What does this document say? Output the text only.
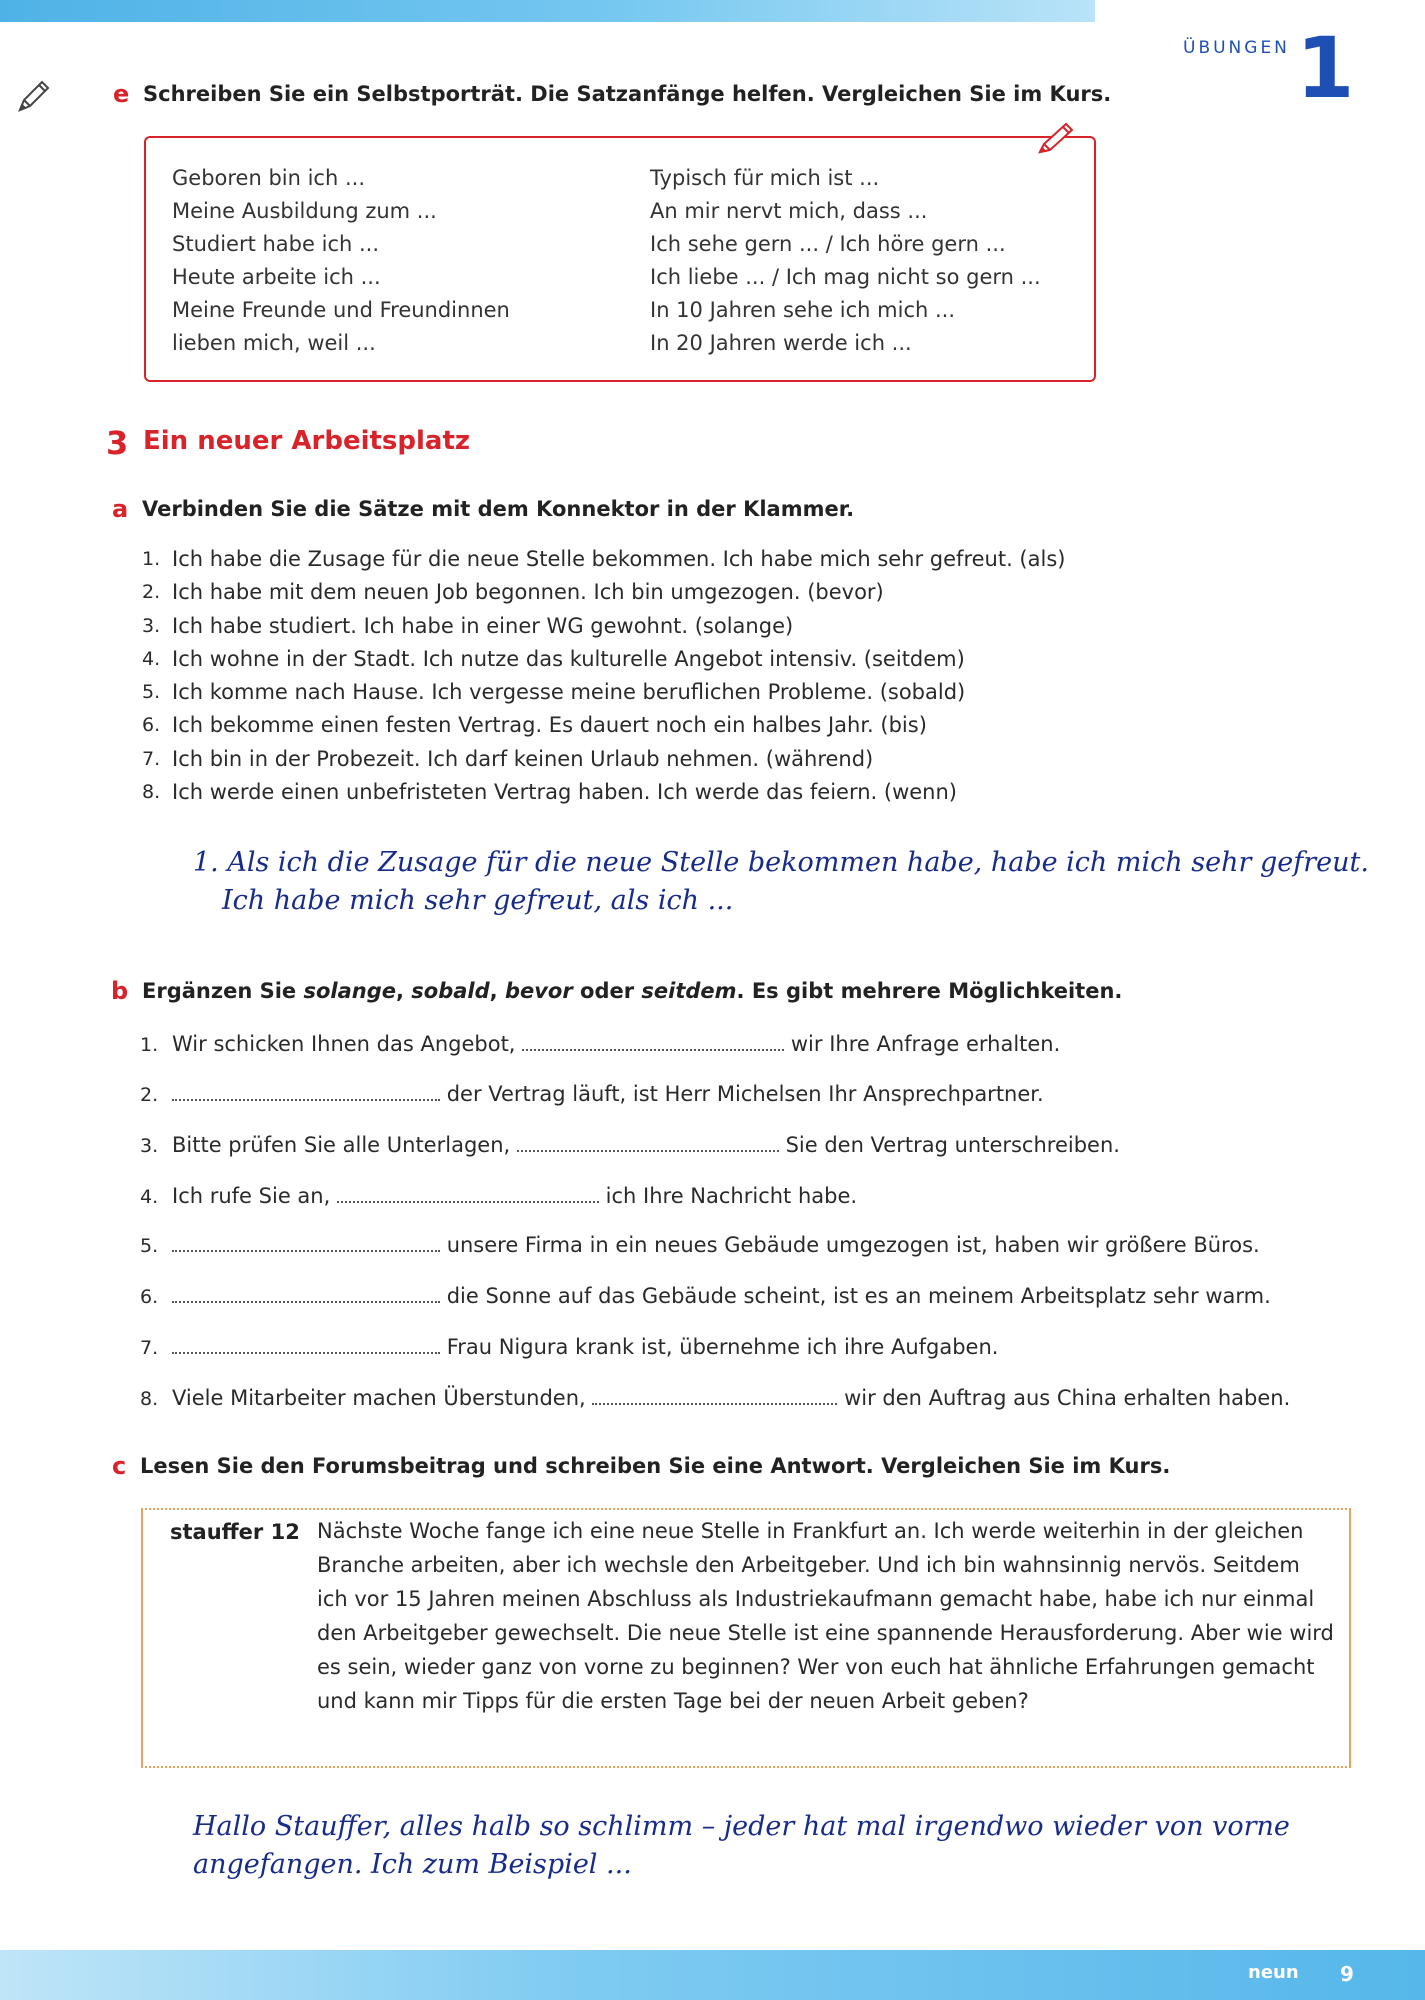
ÜBUNGEN 1
e Schreiben Sie ein Selbstporträt. Die Satzanfänge helfen. Vergleichen Sie im Kurs.
Geboren bin ich ...
Meine Ausbildung zum ...
Studiert habe ich ...
Heute arbeite ich ...
Meine Freunde und Freundinnen
lieben mich, weil ...
Typisch für mich ist ...
An mir nervt mich, dass ...
Ich sehe gern ... / Ich höre gern ...
Ich liebe ... / Ich mag nicht so gern ...
In 10 Jahren sehe ich mich ...
In 20 Jahren werde ich ...
3 Ein neuer Arbeitsplatz
a Verbinden Sie die Sätze mit dem Konnektor in der Klammer.
1. Ich habe die Zusage für die neue Stelle bekommen. Ich habe mich sehr gefreut. (als)
2. Ich habe mit dem neuen Job begonnen. Ich bin umgezogen. (bevor)
3. Ich habe studiert. Ich habe in einer WG gewohnt. (solange)
4. Ich wohne in der Stadt. Ich nutze das kulturelle Angebot intensiv. (seitdem)
5. Ich komme nach Hause. Ich vergesse meine beruflichen Probleme. (sobald)
6. Ich bekomme einen festen Vertrag. Es dauert noch ein halbes Jahr. (bis)
7. Ich bin in der Probezeit. Ich darf keinen Urlaub nehmen. (während)
8. Ich werde einen unbefristeten Vertrag haben. Ich werde das feiern. (wenn)
1. Als ich die Zusage für die neue Stelle bekommen habe, habe ich mich sehr gefreut.
Ich habe mich sehr gefreut, als ich ...
b Ergänzen Sie solange, sobald, bevor oder seitdem. Es gibt mehrere Möglichkeiten.
1. Wir schicken Ihnen das Angebot,	wir Ihre Anfrage erhalten.
2.	der Vertrag läuft, ist Herr Michelsen Ihr Ansprechpartner.
3. Bitte prüfen Sie alle Unterlagen,	Sie den Vertrag unterschreiben.
4. Ich rufe Sie an,	ich Ihre Nachricht habe.
5.	unsere Firma in ein neues Gebäude umgezogen ist, haben wir größere Büros.
6.	die Sonne auf das Gebäude scheint, ist es an meinem Arbeitsplatz sehr warm.
7.	Frau Nigura krank ist, übernehme ich ihre Aufgaben.
8. Viele Mitarbeiter machen Überstunden,	wir den Auftrag aus China erhalten haben.
c Lesen Sie den Forumsbeitrag und schreiben Sie eine Antwort. Vergleichen Sie im Kurs.
stauffer 12 Nächste Woche fange ich eine neue Stelle in Frankfurt an. Ich werde weiterhin in der gleichen Branche arbeiten, aber ich wechsle den Arbeitgeber. Und ich bin wahnsinnig nervös. Seitdem ich vor 15 Jahren meinen Abschluss als Industriekaufmann gemacht habe, habe ich nur einmal den Arbeitgeber gewechselt. Die neue Stelle ist eine spannende Herausforderung. Aber wie wird es sein, wieder ganz von vorne zu beginnen? Wer von euch hat ähnliche Erfahrungen gemacht und kann mir Tipps für die ersten Tage bei der neuen Arbeit geben?
Hallo Stauffer, alles halb so schlimm – jeder hat mal irgendwo wieder von vorne
angefangen. Ich zum Beispiel ...
neun 9
